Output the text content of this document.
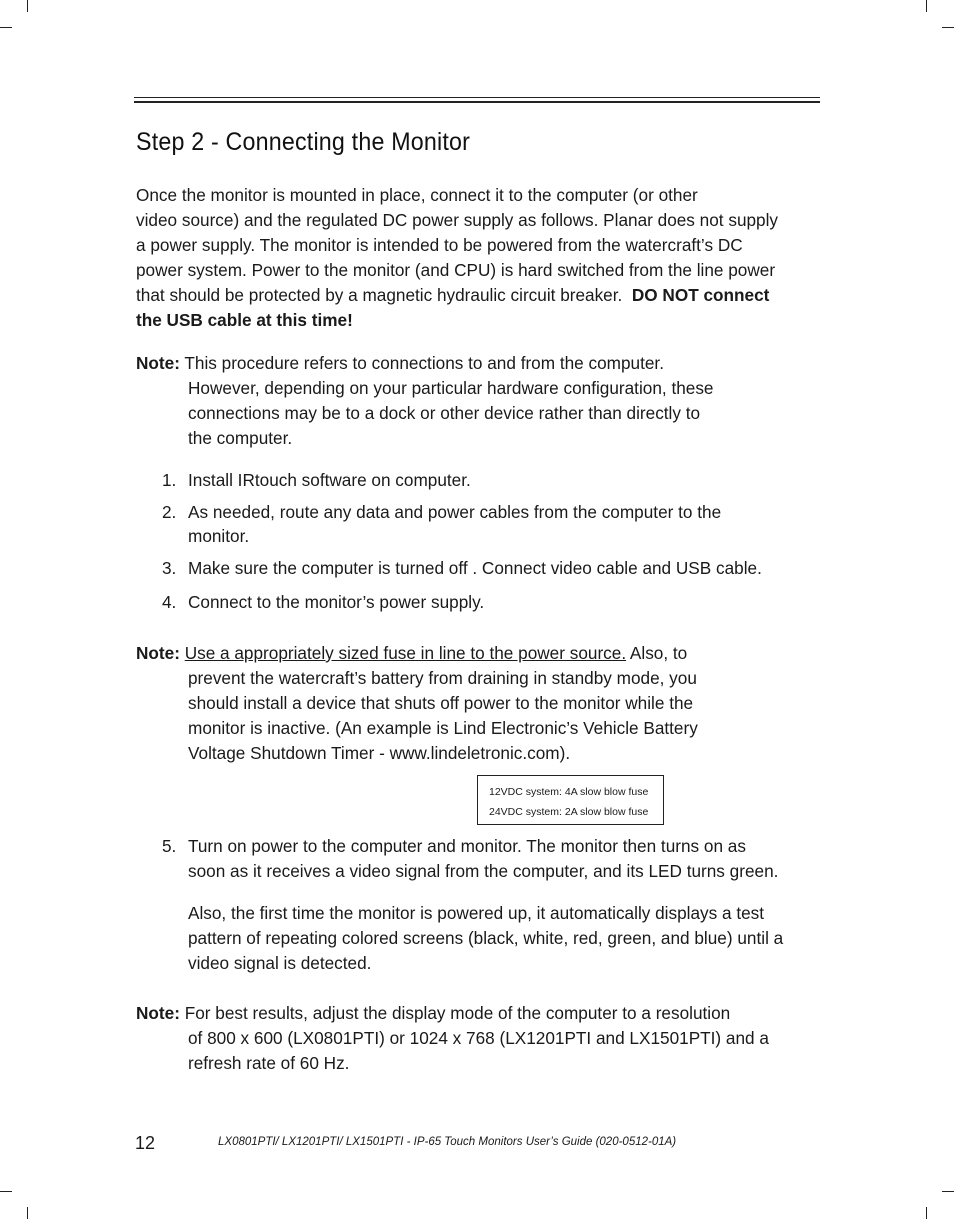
Step 2 - Connecting the Monitor

Once the monitor is mounted in place, connect it to the computer (or other
video source) and the regulated DC power supply as follows. Planar does not supply
a power supply. The monitor is intended to be powered from the watercraft’s DC
power system. Power to the monitor (and CPU) is hard switched from the line power
that should be protected by a magnetic hydraulic circuit breaker. DO NOT connect
the USB cable at this time!

Note: This procedure refers to connections to and from the computer.
However, depending on your particular hardware configuration, these
connections may be to a dock or other device rather than directly to
the computer.

1. Install IRtouch software on computer.

2. As needed, route any data and power cables from the computer to the
monitor.

3. Make sure the computer is turned off . Connect video cable and USB cable.

4. Connect to the monitor’s power supply.

Note: Use a appropriately sized fuse in line to the power source. Also, to
prevent the watercraft’s battery from draining in standby mode, you
should install a device that shuts off power to the monitor while the
monitor is inactive. (An example is Lind Electronic’s Vehicle Battery
Voltage Shutdown Timer - www.lindeletronic.com).

12VDC system: 4A slow blow fuse
24VDC system: 2A slow blow fuse

5. Turn on power to the computer and monitor. The monitor then turns on as
soon as it receives a video signal from the computer, and its LED turns green.

Also, the first time the monitor is powered up, it automatically displays a test
pattern of repeating colored screens (black, white, red, green, and blue) until a
video signal is detected.

Note: For best results, adjust the display mode of the computer to a resolution
of 800 x 600 (LX0801PTI) or 1024 x 768 (LX1201PTI and LX1501PTI) and a
refresh rate of 60 Hz.

12	LX0801PTI/ LX1201PTI/ LX1501PTI - IP-65 Touch Monitors User’s Guide (020-0512-01A)
